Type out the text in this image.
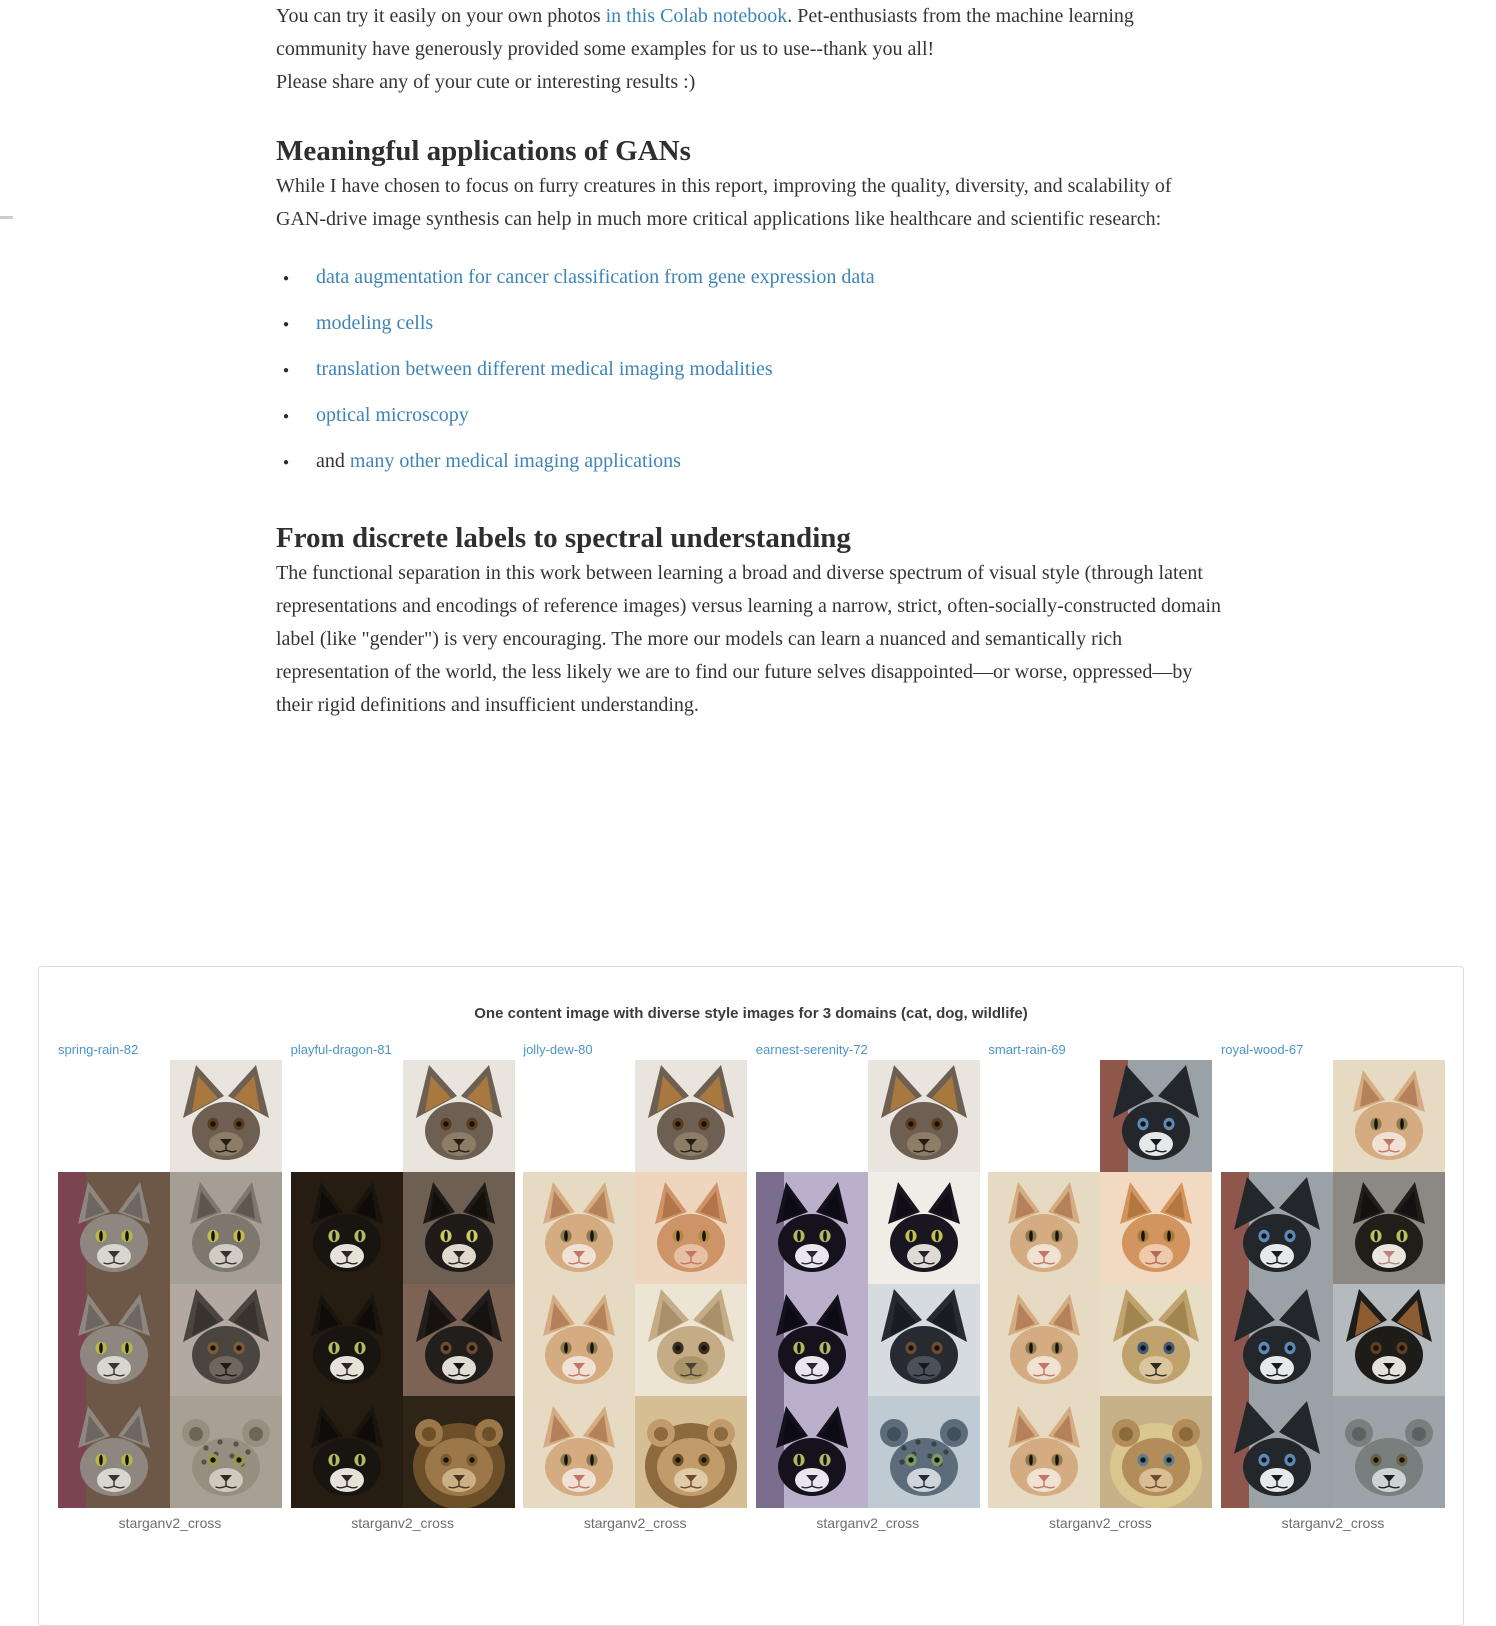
You can try it easily on your own photos in this Colab notebook. Pet-enthusiasts from the machine learning community have generously provided some examples for us to use--thank you all!

Please share any of your cute or interesting results :)

Meaningful applications of GANs

While I have chosen to focus on furry creatures in this report, improving the quality, diversity, and scalability of GAN-drive image synthesis can help in much more critical applications like healthcare and scientific research:

● data augmentation for cancer classification from gene expression data
● modeling cells
● translation between different medical imaging modalities
● optical microscopy
● and many other medical imaging applications
From discrete labels to spectral understanding

The functional separation in this work between learning a broad and diverse spectrum of visual style (through latent representations and encodings of reference images) versus learning a narrow, strict, often-socially-constructed domain label (like "gender") is very encouraging. The more our models can learn a nuanced and semantically rich representation of the world, the less likely we are to find our future selves disappointed—or worse, oppressed—by their rigid definitions and insufficient understanding.

One content image with diverse style images for 3 domains (cat, dog, wildlife)
spring-rain-82
starganv2_cross
playful-dragon-81
starganv2_cross
jolly-dew-80
starganv2_cross
earnest-serenity-72
starganv2_cross
smart-rain-69
starganv2_cross
royal-wood-67
starganv2_cross
